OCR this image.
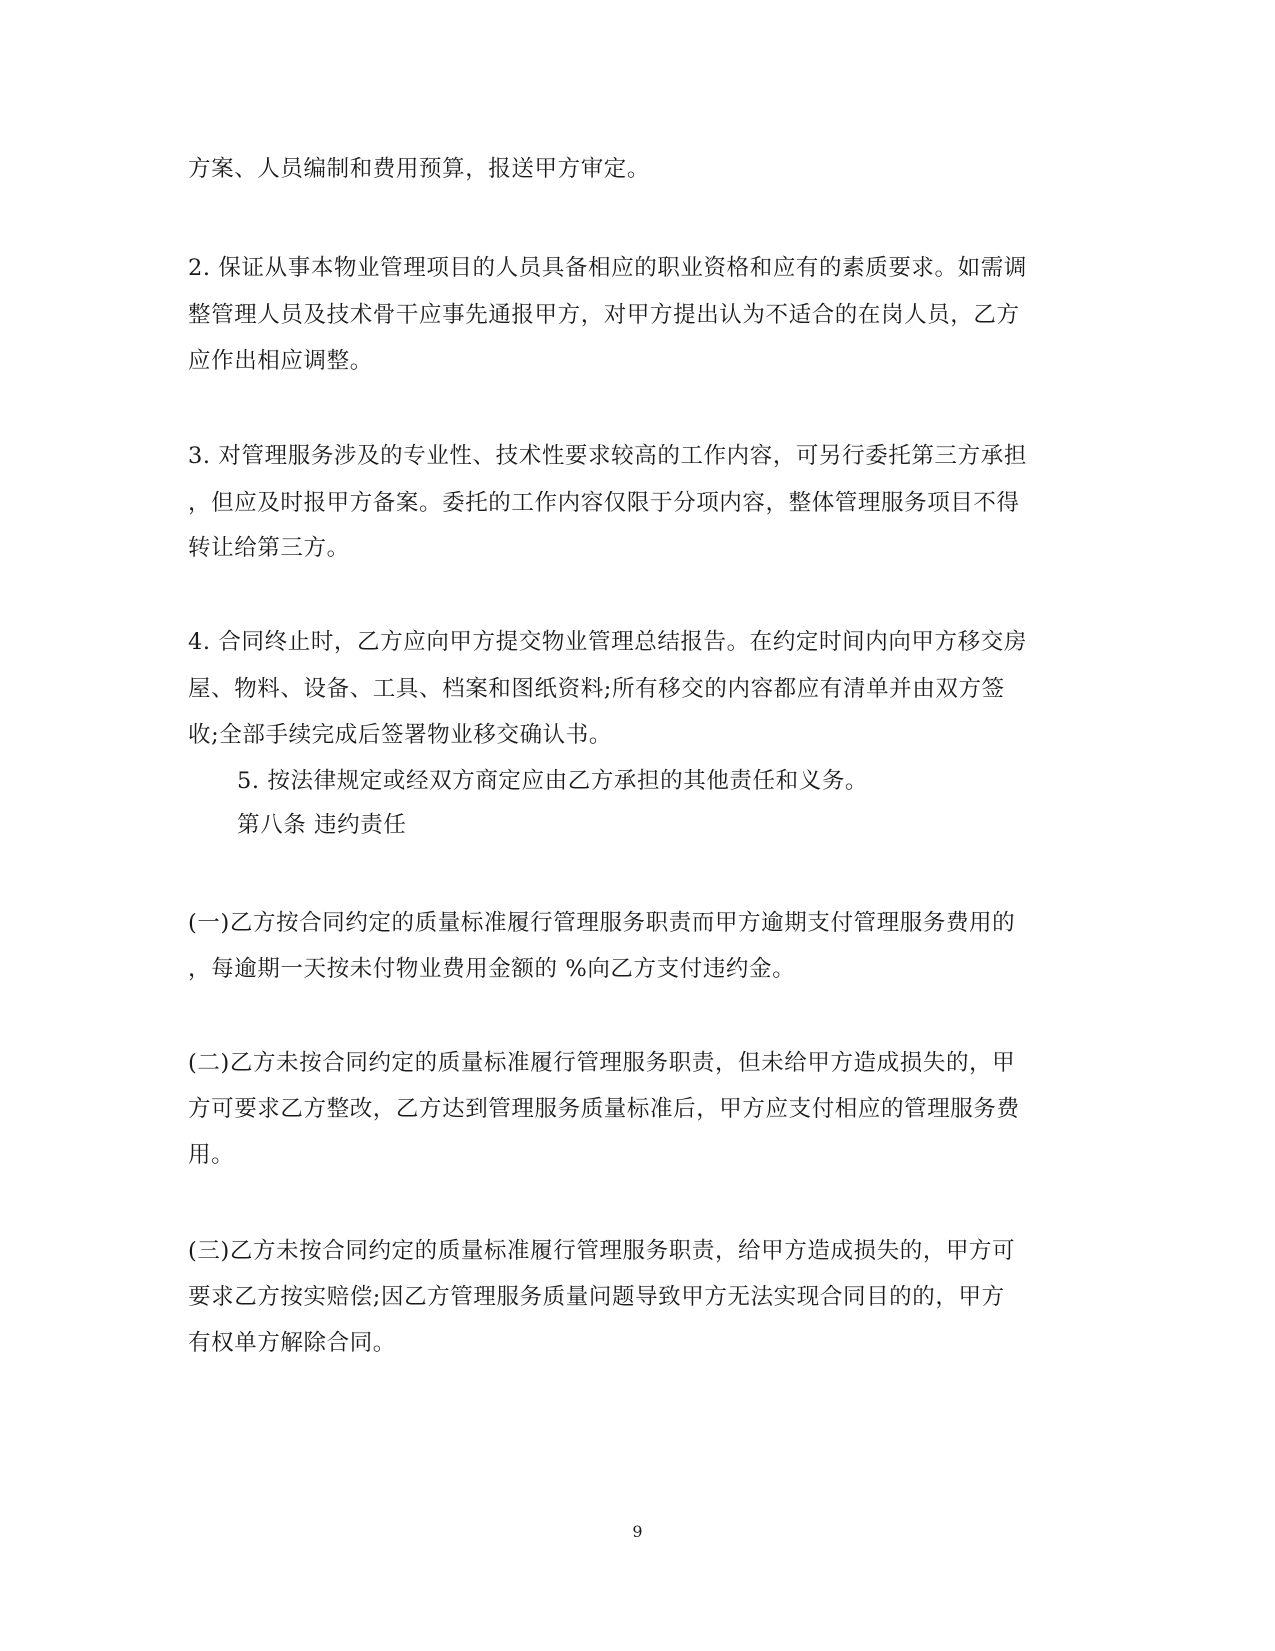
方案、人员编制和费用预算，报送甲方审定。
2. 保证从事本物业管理项目的人员具备相应的职业资格和应有的素质要求。如需调
整管理人员及技术骨干应事先通报甲方，对甲方提出认为不适合的在岗人员，乙方
应作出相应调整。
3. 对管理服务涉及的专业性、技术性要求较高的工作内容，可另行委托第三方承担
，但应及时报甲方备案。委托的工作内容仅限于分项内容，整体管理服务项目不得
转让给第三方。
4. 合同终止时，乙方应向甲方提交物业管理总结报告。在约定时间内向甲方移交房
屋、物料、设备、工具、档案和图纸资料;所有移交的内容都应有清单并由双方签
收;全部手续完成后签署物业移交确认书。
5. 按法律规定或经双方商定应由乙方承担的其他责任和义务。
第八条 违约责任
(一)乙方按合同约定的质量标准履行管理服务职责而甲方逾期支付管理服务费用的
，每逾期一天按未付物业费用金额的 %向乙方支付违约金。
(二)乙方未按合同约定的质量标准履行管理服务职责，但未给甲方造成损失的，甲
方可要求乙方整改，乙方达到管理服务质量标准后，甲方应支付相应的管理服务费
用。
(三)乙方未按合同约定的质量标准履行管理服务职责，给甲方造成损失的，甲方可
要求乙方按实赔偿;因乙方管理服务质量问题导致甲方无法实现合同目的的，甲方
有权单方解除合同。
9
